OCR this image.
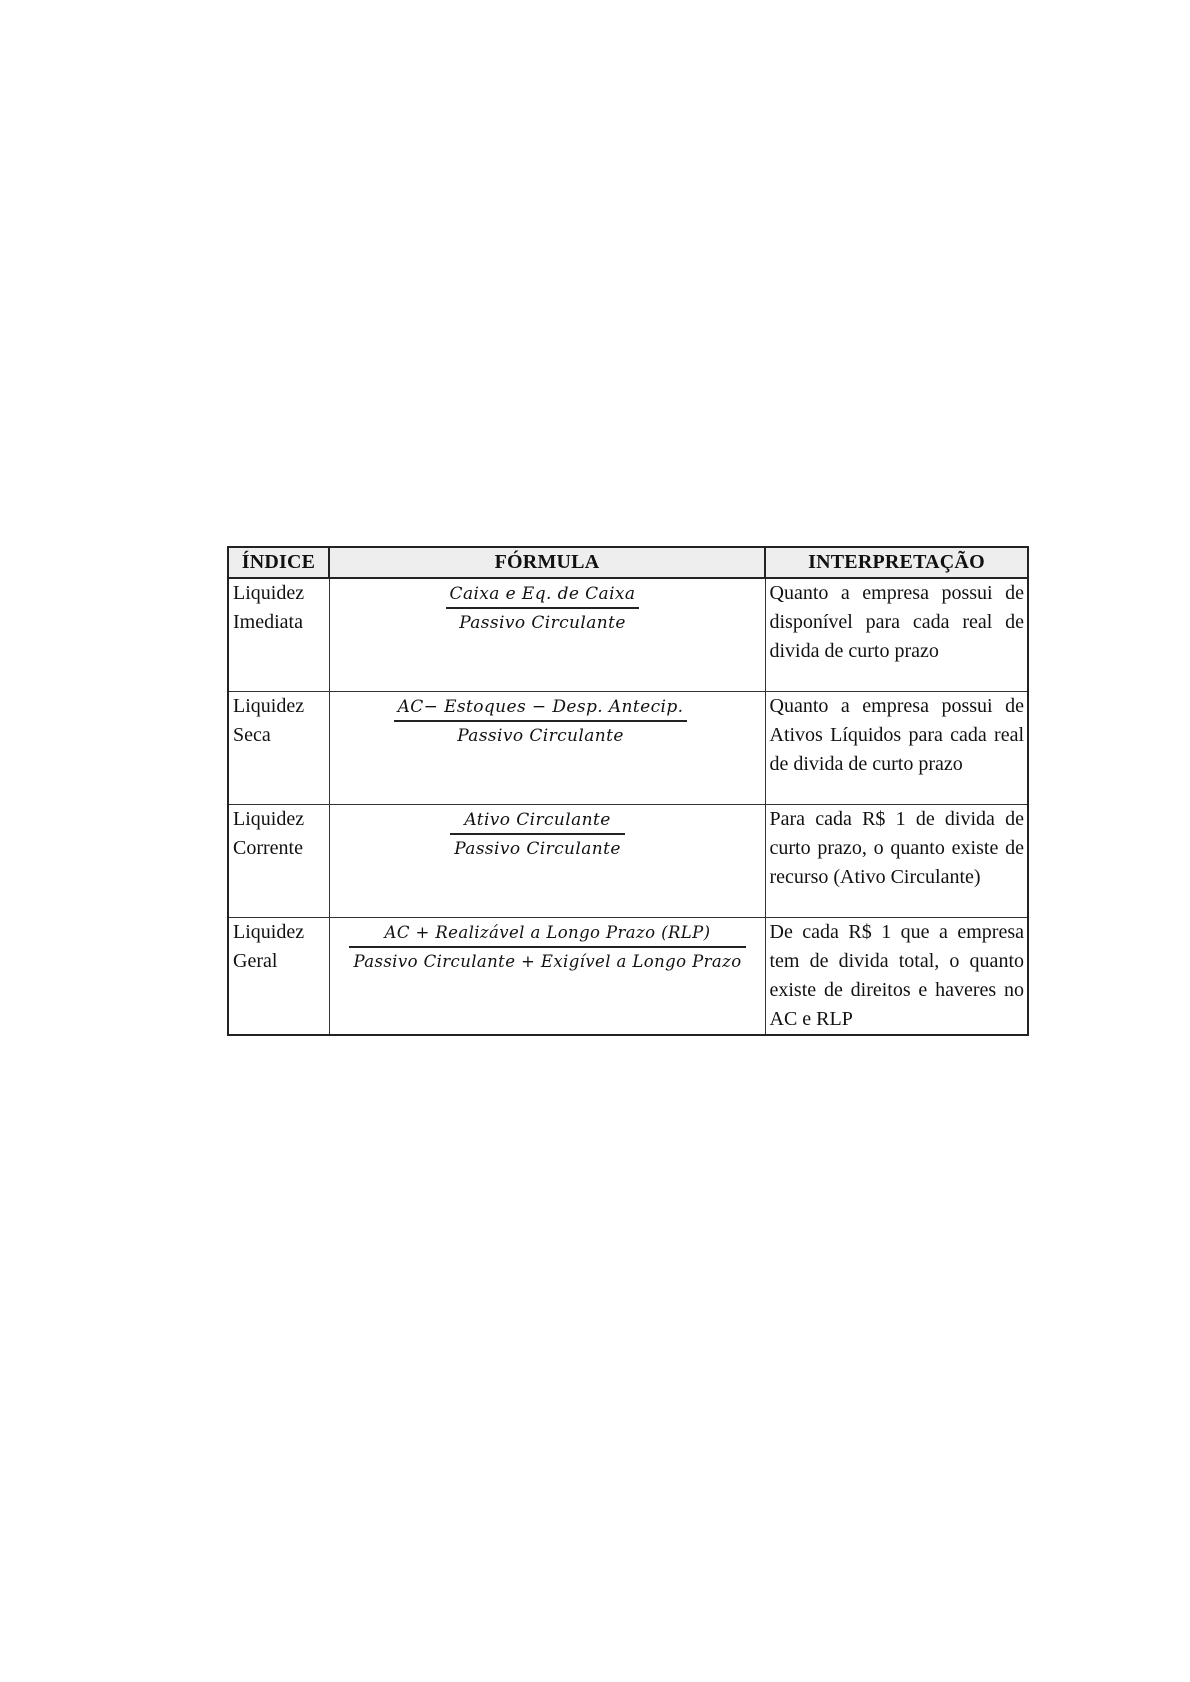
ÍNDICE	FÓRMULA	INTERPRETAÇÃO

Liquidez
Imediata	$\frac{\text{Caixa e Eq. de Caixa}}{\text{Passivo Circulante}}$	Quanto a empresa possui de disponível para cada real de divida de curto prazo

Liquidez
Seca	$\frac{\text{AC− Estoques − Desp. Antecip.}}{\text{Passivo Circulante}}$	Quanto a empresa possui de Ativos Líquidos para cada real de divida de curto prazo

Liquidez
Corrente	$\frac{\text{Ativo Circulante}}{\text{Passivo Circulante}}$	Para cada R$ 1 de divida de curto prazo, o quanto existe de recurso (Ativo Circulante)

Liquidez
Geral	$\frac{\text{AC + Realizável a Longo Prazo (RLP)}}{\text{Passivo Circulante + Exigível a Longo Prazo}}$	De cada R$ 1 que a empresa tem de divida total, o quanto existe de direitos e haveres no AC e RLP
